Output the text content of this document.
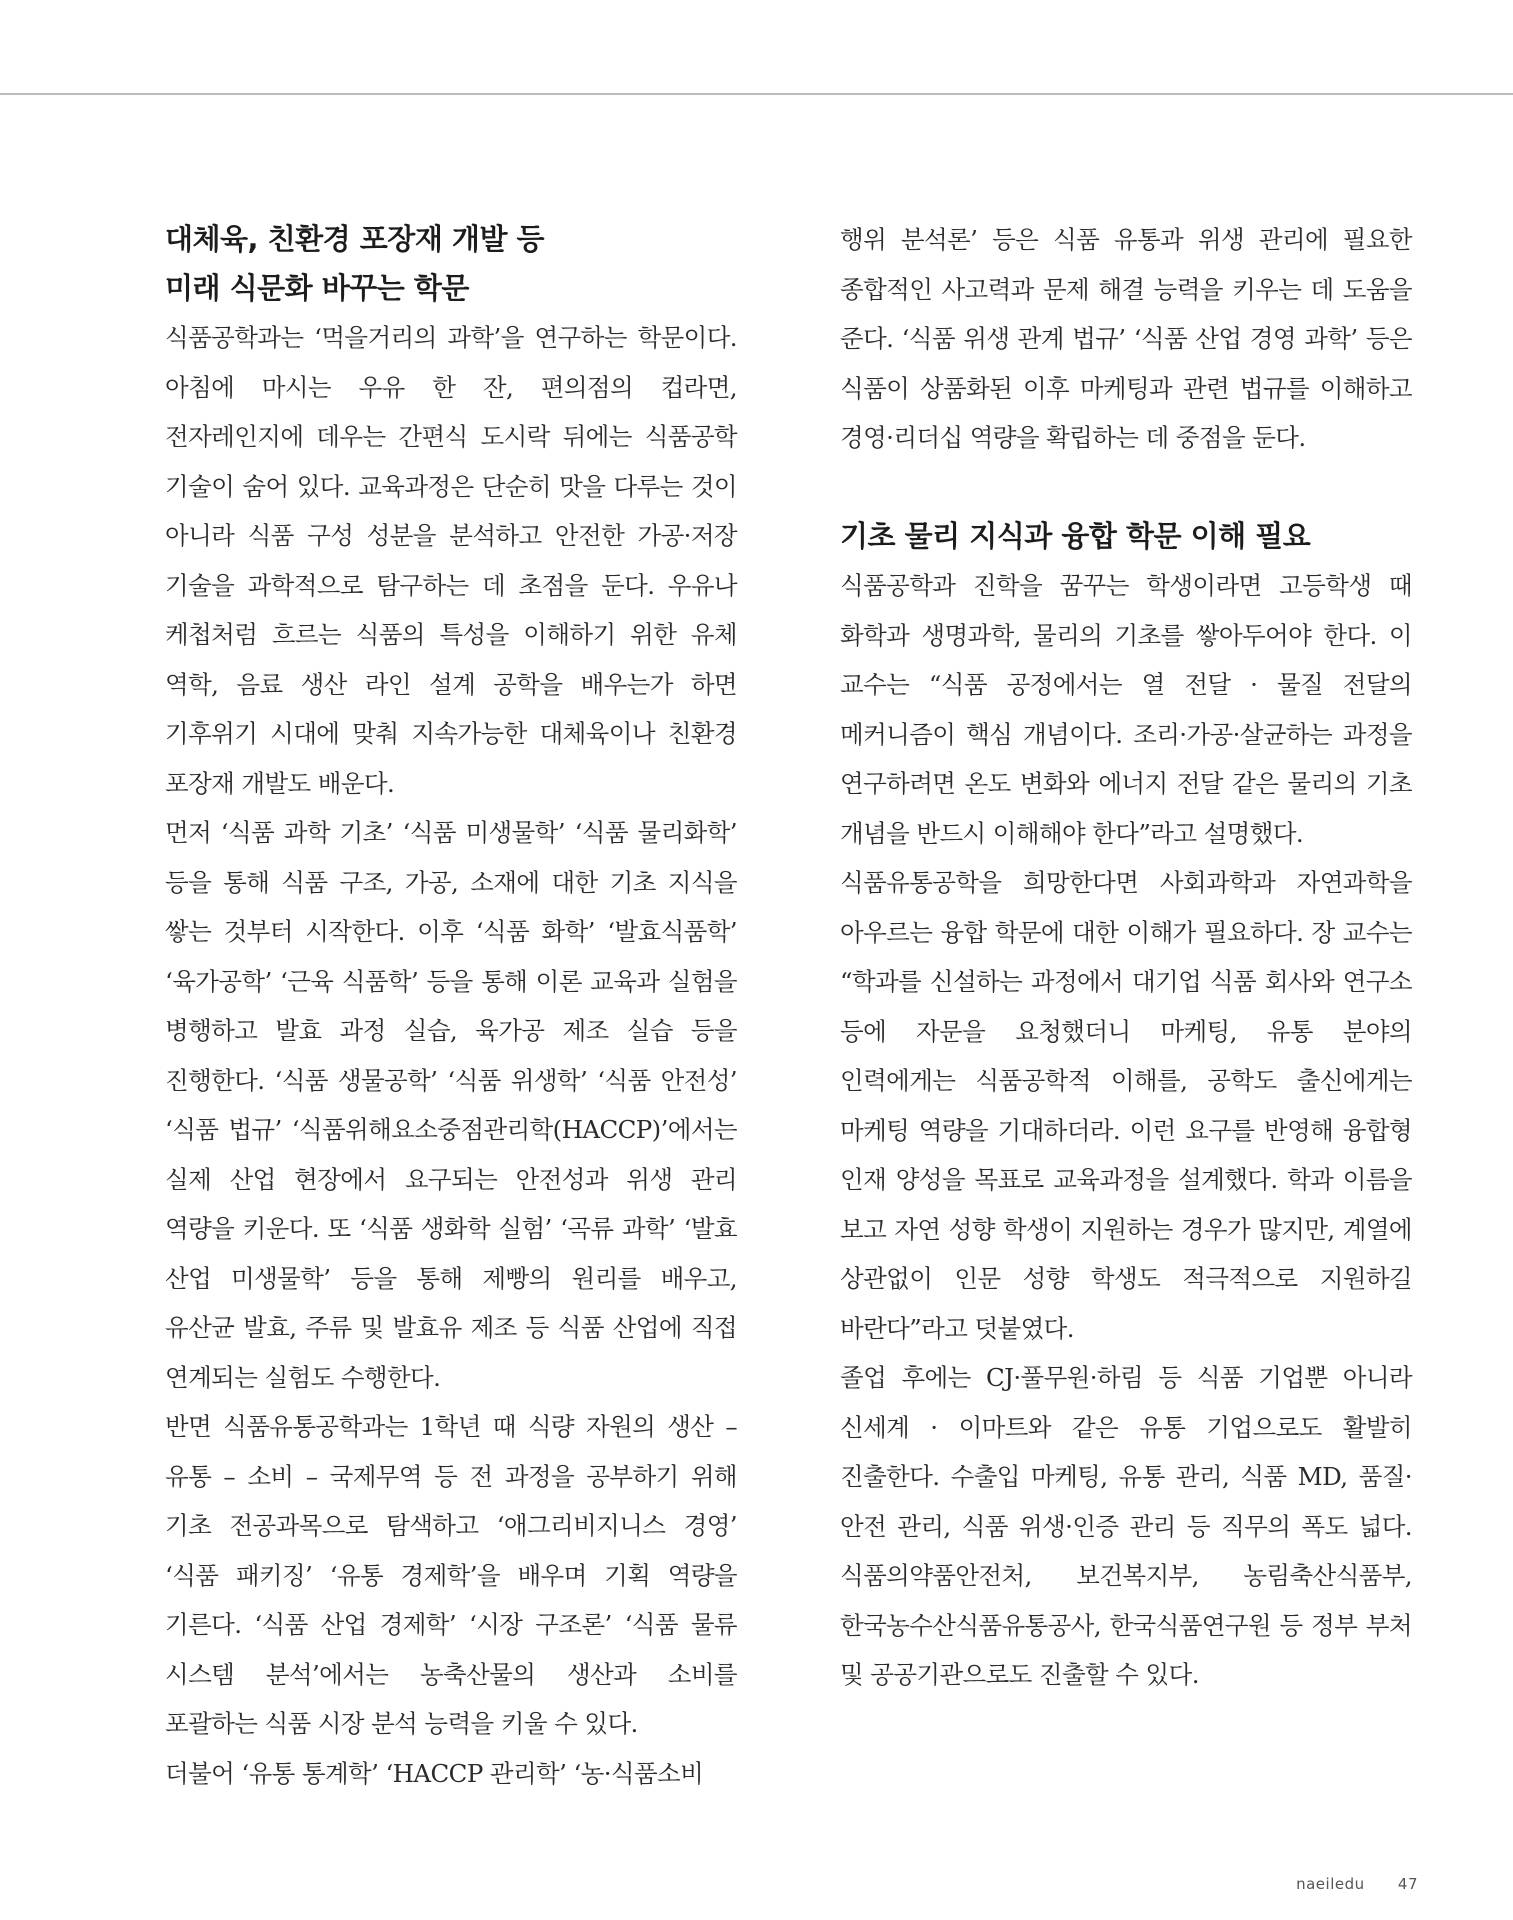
대체육, 친환경 포장재 개발 등
미래 식문화 바꾸는 학문

식품공학과는 ‘먹을거리의 과학’을 연구하는 학문이다. 아침에 마시는 우유 한 잔, 편의점의 컵라면, 전자레인지에 데우는 간편식 도시락 뒤에는 식품공학 기술이 숨어 있다. 교육과정은 단순히 맛을 다루는 것이 아니라 식품 구성 성분을 분석하고 안전한 가공·저장 기술을 과학적으로 탐구하는 데 초점을 둔다. 우유나 케첩처럼 흐르는 식품의 특성을 이해하기 위한 유체 역학, 음료 생산 라인 설계 공학을 배우는가 하면 기후위기 시대에 맞춰 지속가능한 대체육이나 친환경 포장재 개발도 배운다.

먼저 ‘식품 과학 기초’ ‘식품 미생물학’ ‘식품 물리화학’ 등을 통해 식품 구조, 가공, 소재에 대한 기초 지식을 쌓는 것부터 시작한다. 이후 ‘식품 화학’ ‘발효식품학’ ‘육가공학’ ‘근육 식품학’ 등을 통해 이론 교육과 실험을 병행하고 발효 과정 실습, 육가공 제조 실습 등을 진행한다. ‘식품 생물공학’ ‘식품 위생학’ ‘식품 안전성’ ‘식품 법규’ ‘식품위해요소중점관리학(HACCP)’에서는 실제 산업 현장에서 요구되는 안전성과 위생 관리 역량을 키운다. 또 ‘식품 생화학 실험’ ‘곡류 과학’ ‘발효 산업 미생물학’ 등을 통해 제빵의 원리를 배우고, 유산균 발효, 주류 및 발효유 제조 등 식품 산업에 직접 연계되는 실험도 수행한다.

반면 식품유통공학과는 1학년 때 식량 자원의 생산 – 유통 – 소비 – 국제무역 등 전 과정을 공부하기 위해 기초 전공과목으로 탐색하고 ‘애그리비지니스 경영’ ‘식품 패키징’ ‘유통 경제학’을 배우며 기획 역량을 기른다. ‘식품 산업 경제학’ ‘시장 구조론’ ‘식품 물류 시스템 분석’에서는 농축산물의 생산과 소비를 포괄하는 식품 시장 분석 능력을 키울 수 있다.

더불어 ‘유통 통계학’ ‘HACCP 관리학’ ‘농·식품소비

행위 분석론’ 등은 식품 유통과 위생 관리에 필요한 종합적인 사고력과 문제 해결 능력을 키우는 데 도움을 준다. ‘식품 위생 관계 법규’ ‘식품 산업 경영 과학’ 등은 식품이 상품화된 이후 마케팅과 관련 법규를 이해하고 경영·리더십 역량을 확립하는 데 중점을 둔다.

기초 물리 지식과 융합 학문 이해 필요

식품공학과 진학을 꿈꾸는 학생이라면 고등학생 때 화학과 생명과학, 물리의 기초를 쌓아두어야 한다. 이 교수는 “식품 공정에서는 열 전달 · 물질 전달의 메커니즘이 핵심 개념이다. 조리·가공·살균하는 과정을 연구하려면 온도 변화와 에너지 전달 같은 물리의 기초 개념을 반드시 이해해야 한다”라고 설명했다.

식품유통공학을 희망한다면 사회과학과 자연과학을 아우르는 융합 학문에 대한 이해가 필요하다. 장 교수는 “학과를 신설하는 과정에서 대기업 식품 회사와 연구소 등에 자문을 요청했더니 마케팅, 유통 분야의 인력에게는 식품공학적 이해를, 공학도 출신에게는 마케팅 역량을 기대하더라. 이런 요구를 반영해 융합형 인재 양성을 목표로 교육과정을 설계했다. 학과 이름을 보고 자연 성향 학생이 지원하는 경우가 많지만, 계열에 상관없이 인문 성향 학생도 적극적으로 지원하길 바란다”라고 덧붙였다.

졸업 후에는 CJ·풀무원·하림 등 식품 기업뿐 아니라 신세계 · 이마트와 같은 유통 기업으로도 활발히 진출한다. 수출입 마케팅, 유통 관리, 식품 MD, 품질·안전 관리, 식품 위생·인증 관리 등 직무의 폭도 넓다. 식품의약품안전처, 보건복지부, 농림축산식품부, 한국농수산식품유통공사, 한국식품연구원 등 정부 부처 및 공공기관으로도 진출할 수 있다.

naeiledu 47
